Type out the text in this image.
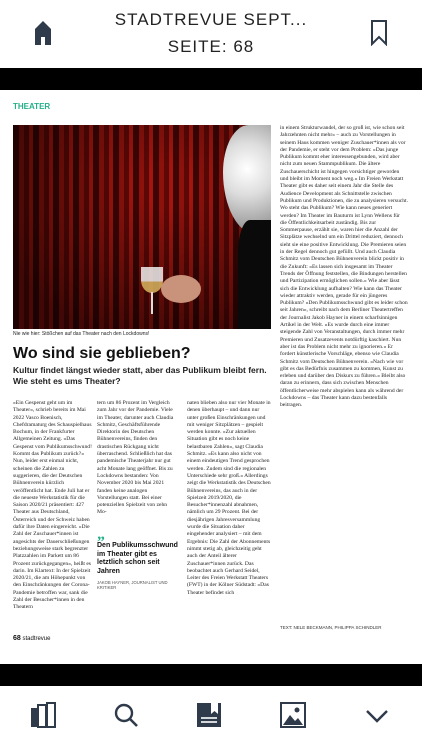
STADTREVUE SEPT...
SEITE: 68
THEATER
Nie wie hier: Stößchen auf das Theater nach den Lockdowns!

in einem Strukturwandel, der so groß ist, wie schon seit Jahrzehnten nicht mehr« – auch zu Vorstellungen in seinem Haus kommen weniger Zuschauer*innen als vor der Pandemie, er steht vor dem Problem: »Das junge Publikum kommt eher interessengebunden, wird aber nicht zum neuen Stammpublikum. Die ältere Zuschauerschicht ist hingegen vorsichtiger geworden und bleibt im Moment noch weg.« Im Freien Werkstatt Theater gibt es daher seit einem Jahr die Stelle des Audience Development als Schnittstelle zwischen Publikum und Produktionen, die zu analysieren versucht. Wo steht das Publikum? Wie kann neues generiert werden? Im Theater im Bauturm ist Lynn Wellens für die Öffentlichkeitsarbeit zuständig. Bis zur Sommerpause, erzählt sie, waren hier die Anzahl der Sitzplätze wechselnd um ein Drittel reduziert, dennoch sieht sie eine positive Entwicklung. Die Premieren seien in der Regel dennoch gut gefüllt. Und auch Claudia Schmitz vom Deutschen Bühnenverein blickt positiv in die Zukunft: »Es lassen sich insgesamt im Theater Trends der Öffnung feststellen, die Bindungen herstellen und Partizipation ermöglichen sollen.« Wie aber lässt sich die Entwicklung aufhalten? Wie kann das Theater wieder attraktiv werden, gerade für ein jüngeres Publikum? »Den Publikumsschwund gibt es leider schon seit Jahren«, schreibt nach dem Berliner Theatertreffen der Journalist Jakob Hayner in einem scharfsinnigen Artikel in der Welt. »Es wurde durch eine immer steigende Zahl von Veranstaltungen, durch immer mehr Premieren und Zusatzevents notdürftig kaschiert. Nun aber ist das Problem nicht mehr zu ignorieren.« Er fordert künstlerische Vorschläge, ebenso wie Claudia Schmitz vom Deutschen Bühnenverein. »Nach wie vor gibt es das Bedürfnis zusammen zu kommen, Kunst zu erleben und darüber den Diskurs zu führen.« Bleibt also daran zu erinnern, dass sich zwischen Menschen öffentlicherweise mehr abspielen kann als während der Lockdowns – das Theater kann dazu bestenfalls beitragen.

Wo sind sie geblieben?
Kultur findet längst wieder statt, aber das Publikum bleibt fern. Wie steht es ums Theater?

»Ein Gespenst geht um im Theater«, schrieb bereits im Mai 2022 Vasco Boenisch, Chefdramaturg des Schauspielhaus Bochum, in der Frankfurter Allgemeinen Zeitung. »Das Gespenst vom Publikumsschwund! Kommt das Publikum zurück?« Nun, leider erst einmal nicht, scheinen die Zahlen zu suggerieren, die der Deutschen Bühnenverein kürzlich veröffentlicht hat. Ende Juli hat er die neueste Werkstatistik für die Saison 2020/21 präsentiert: 427 Theater aus Deutschland, Österreich und der Schweiz haben dafür ihre Daten eingereicht. »Die Zahl der Zuschauer*innen ist angesichts der Dauerschließungen beziehungsweise stark begrenzter Platzzahlen im Parkett um 86 Prozent zurückgegangen«, heißt es darin. Im Klartext: In der Spielzeit 2020/21, die am Höhepunkt von den Einschränkungen der Corona-Pandemie betroffen war, sank die Zahl der Besucher*innen in den Theatern

tern um 86 Prozent im Vergleich zum Jahr vor der Pandemie. Viele im Theater, darunter auch Claudia Schmitz, Geschäftsführende Direktorin des Deutschen Bühnenvereins, finden den drastischen Rückgang nicht überraschend. Schließlich hat das pandemische Theaterjahr nur gut acht Monate lang geöffnet. Bis zu Lockdowns bestanden: Von November 2020 bis Mai 2021 fanden keine analogen Vorstellungen statt. Bei einer potenziellen Spielzeit von zehn Mo-

naten blieben also nur vier Monate in denen überhaupt – und dann nur unter großen Einschränkungen und mit weniger Sitzplätzen – gespielt werden konnte. »Zur aktuellen Situation gibt es noch keine belastbaren Zahlen«, sagt Claudia Schmitz. »Es kann also nicht von einem eindeutigen Trend gesprochen werden. Zudem sind die regionalen Unterschiede sehr groß.« Allerdings zeigt die Werkstatistik des Deutschen Bühnenvereins, das auch in der Spielzeit 2019/2020, die Besucher*innenzahl abnahmen, nämlich um 29 Prozent. Bei der diesjährigen Jahresversammlung wurde die Situation daher eingehender analysiert – mit dem Ergebnis: Die Zahl der Abonnements nimmt stetig ab, gleichzeitig geht auch der Anteil älterer Zuschauer*innen zurück. Das beobachtet auch Gerhard Seidel, Leiter des Freien Werkstatt Theaters (FWT) in der Kölner Südstadt: »Das Theater befindet sich

„
Den Publikumsschwund im Theater gibt es letztlich schon seit Jahren
JAKOB HAYNER, JOURNALIST UND KRITIKER
TEXT: NELE BECKMANN, PHILIPPA SCHINDLER
68 stadtrevue
